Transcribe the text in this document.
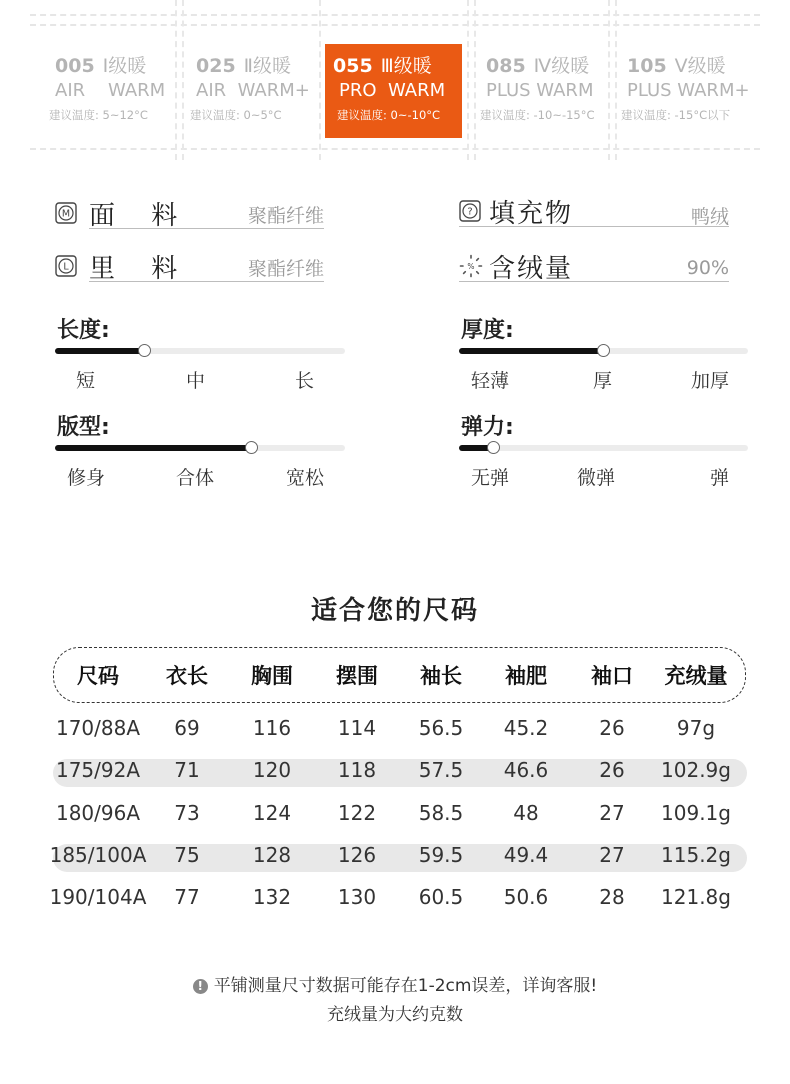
005 Ⅰ级暖
AIR    WARM
建议温度: 5~12°C
025 Ⅱ级暖
AIR  WARM+
建议温度: 0~5°C
055 Ⅲ级暖
PRO  WARM
建议温度: 0~-10°C
085 Ⅳ级暖
PLUS WARM
建议温度: -10~-15°C
105 Ⅴ级暖
PLUS WARM+
建议温度: -15°C以下
M 面 料	聚酯纤维
L 里 料	聚酯纤维
? 填充物	鸭绒
% 含绒量	90%
长度:
短	中	长
厚度:
轻薄	厚	加厚
版型:
修身	合体	宽松
弹力:
无弹	微弹	弹
适合您的尺码
尺码 衣长 胸围 摆围 袖长 袖肥 袖口 充绒量
170/88A 69	116 114 56.5 45.2	26	97g
175/92A 71	120 118 57.5 46.6	26 102.9g
180/96A 73	124 122 58.5	48	27 109.1g
185/100A 75	128 126 59.5 49.4	27 115.2g
190/104A 77	132 130 60.5 50.6	28 121.8g
! 平铺测量尺寸数据可能存在1-2cm误差，详询客服!
充绒量为大约克数
